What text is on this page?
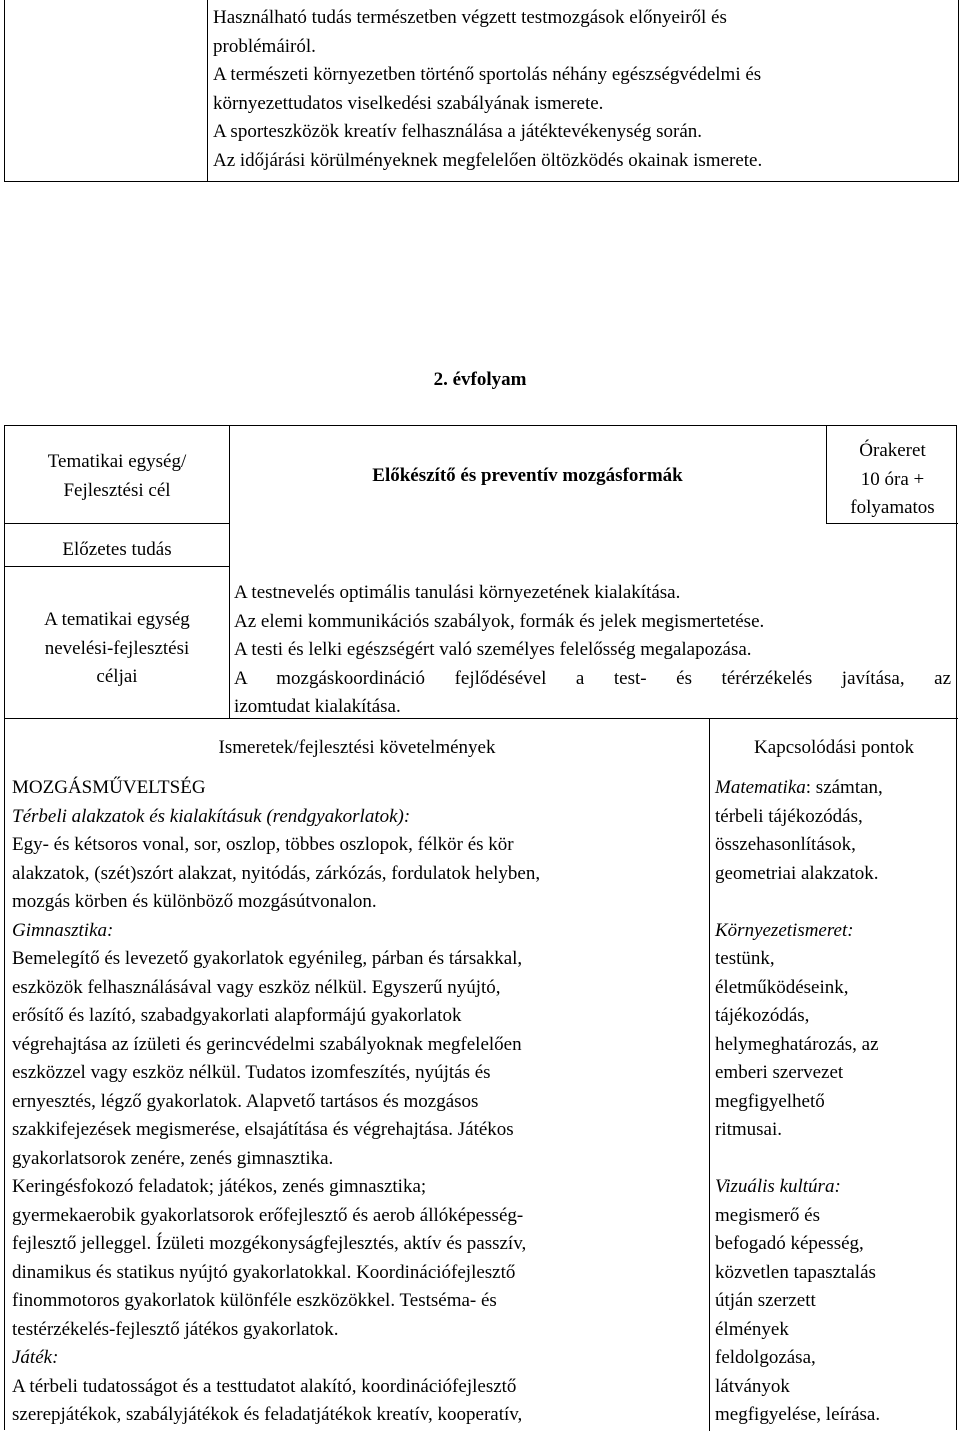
Használható tudás természetben végzett testmozgások előnyeiről és
problémáiról.
A természeti környezetben történő sportolás néhány egészségvédelmi és
környezettudatos viselkedési szabályának ismerete.
A sporteszközök kreatív felhasználása a játéktevékenység során.
Az időjárási körülményeknek megfelelően öltözködés okainak ismerete.
2. évfolyam
Tematikai egység/
Fejlesztési cél
Előkészítő és preventív mozgásformák
Órakeret
10 óra +
folyamatos
Előzetes tudás
A tematikai egység
nevelési-fejlesztési
céljai
A testnevelés optimális tanulási környezetének kialakítása.
Az elemi kommunikációs szabályok, formák és jelek megismertetése.
A testi és lelki egészségért való személyes felelősség megalapozása.
A mozgáskoordináció fejlődésével a test- és térérzékelés javítása, az
izomtudat kialakítása.
Ismeretek/fejlesztési követelmények	Kapcsolódási pontok
MOZGÁSMŰVELTSÉG
Térbeli alakzatok és kialakításuk (rendgyakorlatok):
Egy- és kétsoros vonal, sor, oszlop, többes oszlopok, félkör és kör
alakzatok, (szét)szórt alakzat, nyitódás, zárkózás, fordulatok helyben,
mozgás körben és különböző mozgásútvonalon.
Gimnasztika:
Bemelegítő és levezető gyakorlatok egyénileg, párban és társakkal,
eszközök felhasználásával vagy eszköz nélkül. Egyszerű nyújtó,
erősítő és lazító, szabadgyakorlati alapformájú gyakorlatok
végrehajtása az ízületi és gerincvédelmi szabályoknak megfelelően
eszközzel vagy eszköz nélkül. Tudatos izomfeszítés, nyújtás és
ernyesztés, légző gyakorlatok. Alapvető tartásos és mozgásos
szakkifejezések megismerése, elsajátítása és végrehajtása. Játékos
gyakorlatsorok zenére, zenés gimnasztika.
Keringésfokozó feladatok; játékos, zenés gimnasztika;
gyermekaerobik gyakorlatsorok erőfejlesztő és aerob állóképesség-
fejlesztő jelleggel. Ízületi mozgékonyságfejlesztés, aktív és passzív,
dinamikus és statikus nyújtó gyakorlatokkal. Koordinációfejlesztő
finommotoros gyakorlatok különféle eszközökkel. Testséma- és
testérzékelés-fejlesztő játékos gyakorlatok.
Játék:
A térbeli tudatosságot és a testtudatot alakító, koordinációfejlesztő
szerepjátékok, szabályjátékok és feladatjátékok kreatív, kooperatív,
Matematika: számtan,
térbeli tájékozódás,
összehasonlítások,
geometriai alakzatok.
Környezetismeret:
testünk,
életműködéseink,
tájékozódás,
helymeghatározás, az
emberi szervezet
megfigyelhető
ritmusai.
Vizuális kultúra:
megismerő és
befogadó képesség,
közvetlen tapasztalás
útján szerzett
élmények
feldolgozása,
látványok
megfigyelése, leírása.
